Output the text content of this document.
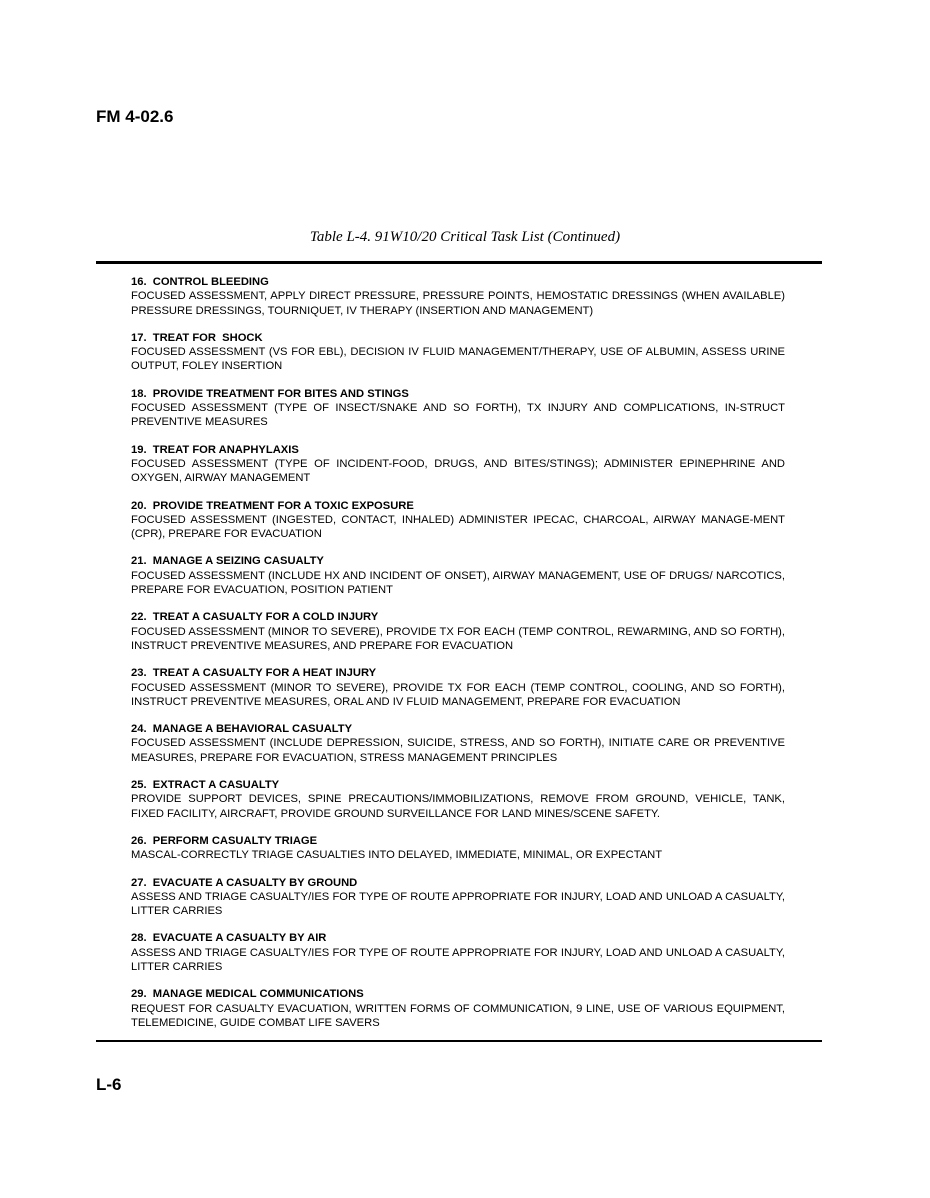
FM 4-02.6
Table L-4. 91W10/20 Critical Task List (Continued)
16.  CONTROL BLEEDING
FOCUSED ASSESSMENT, APPLY DIRECT PRESSURE, PRESSURE POINTS, HEMOSTATIC DRESSINGS (WHEN AVAILABLE) PRESSURE DRESSINGS, TOURNIQUET, IV THERAPY (INSERTION AND MANAGEMENT)
17.  TREAT FOR  SHOCK
FOCUSED ASSESSMENT (VS FOR EBL), DECISION IV FLUID MANAGEMENT/THERAPY, USE OF ALBUMIN, ASSESS URINE OUTPUT, FOLEY INSERTION
18.  PROVIDE TREATMENT FOR BITES AND STINGS
FOCUSED ASSESSMENT (TYPE OF INSECT/SNAKE AND SO FORTH), TX INJURY AND COMPLICATIONS, IN-STRUCT PREVENTIVE MEASURES
19.  TREAT FOR ANAPHYLAXIS
FOCUSED ASSESSMENT (TYPE OF INCIDENT-FOOD, DRUGS, AND BITES/STINGS); ADMINISTER EPINEPHRINE AND OXYGEN, AIRWAY MANAGEMENT
20.  PROVIDE TREATMENT FOR A TOXIC EXPOSURE
FOCUSED ASSESSMENT (INGESTED, CONTACT, INHALED) ADMINISTER IPECAC, CHARCOAL, AIRWAY MANAGE-MENT (CPR), PREPARE FOR EVACUATION
21.  MANAGE A SEIZING CASUALTY
FOCUSED ASSESSMENT (INCLUDE HX AND INCIDENT OF ONSET), AIRWAY MANAGEMENT, USE OF DRUGS/ NARCOTICS, PREPARE FOR EVACUATION, POSITION PATIENT
22.  TREAT A CASUALTY FOR A COLD INJURY
FOCUSED ASSESSMENT (MINOR TO SEVERE), PROVIDE TX FOR EACH (TEMP CONTROL, REWARMING, AND SO FORTH), INSTRUCT PREVENTIVE MEASURES, AND PREPARE FOR EVACUATION
23.  TREAT A CASUALTY FOR A HEAT INJURY
FOCUSED ASSESSMENT (MINOR TO SEVERE), PROVIDE TX FOR EACH (TEMP CONTROL, COOLING, AND SO FORTH), INSTRUCT PREVENTIVE MEASURES, ORAL AND IV FLUID MANAGEMENT, PREPARE FOR EVACUATION
24.  MANAGE A BEHAVIORAL CASUALTY
FOCUSED ASSESSMENT (INCLUDE DEPRESSION, SUICIDE, STRESS, AND SO FORTH), INITIATE CARE OR PREVENTIVE MEASURES, PREPARE FOR EVACUATION, STRESS MANAGEMENT PRINCIPLES
25.  EXTRACT A CASUALTY
PROVIDE SUPPORT DEVICES, SPINE PRECAUTIONS/IMMOBILIZATIONS, REMOVE FROM GROUND, VEHICLE, TANK, FIXED FACILITY, AIRCRAFT, PROVIDE GROUND SURVEILLANCE FOR LAND MINES/SCENE SAFETY.
26.  PERFORM CASUALTY TRIAGE
MASCAL-CORRECTLY TRIAGE CASUALTIES INTO DELAYED, IMMEDIATE, MINIMAL, OR EXPECTANT
27.  EVACUATE A CASUALTY BY GROUND
ASSESS AND TRIAGE CASUALTY/IES FOR TYPE OF ROUTE APPROPRIATE FOR INJURY, LOAD AND UNLOAD A CASUALTY, LITTER CARRIES
28.  EVACUATE A CASUALTY BY AIR
ASSESS AND TRIAGE CASUALTY/IES FOR TYPE OF ROUTE APPROPRIATE FOR INJURY, LOAD AND UNLOAD A CASUALTY, LITTER CARRIES
29.  MANAGE MEDICAL COMMUNICATIONS
REQUEST FOR CASUALTY EVACUATION, WRITTEN FORMS OF COMMUNICATION, 9 LINE, USE OF VARIOUS EQUIPMENT, TELEMEDICINE, GUIDE COMBAT LIFE SAVERS
L-6
